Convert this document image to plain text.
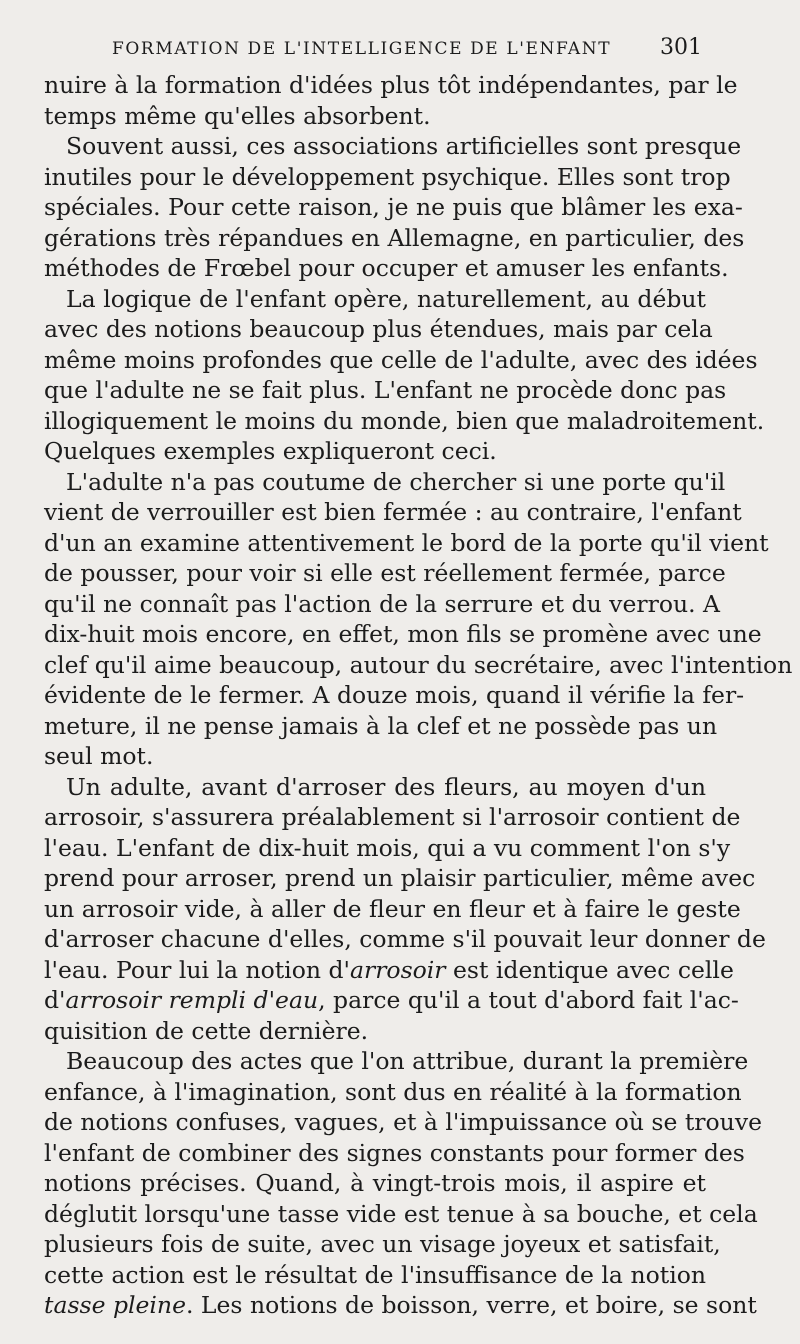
FORMATION DE L'INTELLIGENCE DE L'ENFANT 301
nuire à la formation d'idées plus tôt indépendantes, par le
temps même qu'elles absorbent.
Souvent aussi, ces associations artificielles sont presque
inutiles pour le développement psychique. Elles sont trop
spéciales. Pour cette raison, je ne puis que blâmer les exa-
gérations très répandues en Allemagne, en particulier, des
méthodes de Frœbel pour occuper et amuser les enfants.
La logique de l'enfant opère, naturellement, au début
avec des notions beaucoup plus étendues, mais par cela
même moins profondes que celle de l'adulte, avec des idées
que l'adulte ne se fait plus. L'enfant ne procède donc pas
illogiquement le moins du monde, bien que maladroitement.
Quelques exemples expliqueront ceci.
L'adulte n'a pas coutume de chercher si une porte qu'il
vient de verrouiller est bien fermée : au contraire, l'enfant
d'un an examine attentivement le bord de la porte qu'il vient
de pousser, pour voir si elle est réellement fermée, parce
qu'il ne connaît pas l'action de la serrure et du verrou. A
dix-huit mois encore, en effet, mon fils se promène avec une
clef qu'il aime beaucoup, autour du secrétaire, avec l'intention
évidente de le fermer. A douze mois, quand il vérifie la fer-
meture, il ne pense jamais à la clef et ne possède pas un
seul mot.
Un adulte, avant d'arroser des fleurs, au moyen d'un
arrosoir, s'assurera préalablement si l'arrosoir contient de
l'eau. L'enfant de dix-huit mois, qui a vu comment l'on s'y
prend pour arroser, prend un plaisir particulier, même avec
un arrosoir vide, à aller de fleur en fleur et à faire le geste
d'arroser chacune d'elles, comme s'il pouvait leur donner de
l'eau. Pour lui la notion d'arrosoir est identique avec celle
d'arrosoir rempli d'eau, parce qu'il a tout d'abord fait l'ac-
quisition de cette dernière.
Beaucoup des actes que l'on attribue, durant la première
enfance, à l'imagination, sont dus en réalité à la formation
de notions confuses, vagues, et à l'impuissance où se trouve
l'enfant de combiner des signes constants pour former des
notions précises. Quand, à vingt-trois mois, il aspire et
déglutit lorsqu'une tasse vide est tenue à sa bouche, et cela
plusieurs fois de suite, avec un visage joyeux et satisfait,
cette action est le résultat de l'insuffisance de la notion
tasse pleine. Les notions de boisson, verre, et boire, se sont
